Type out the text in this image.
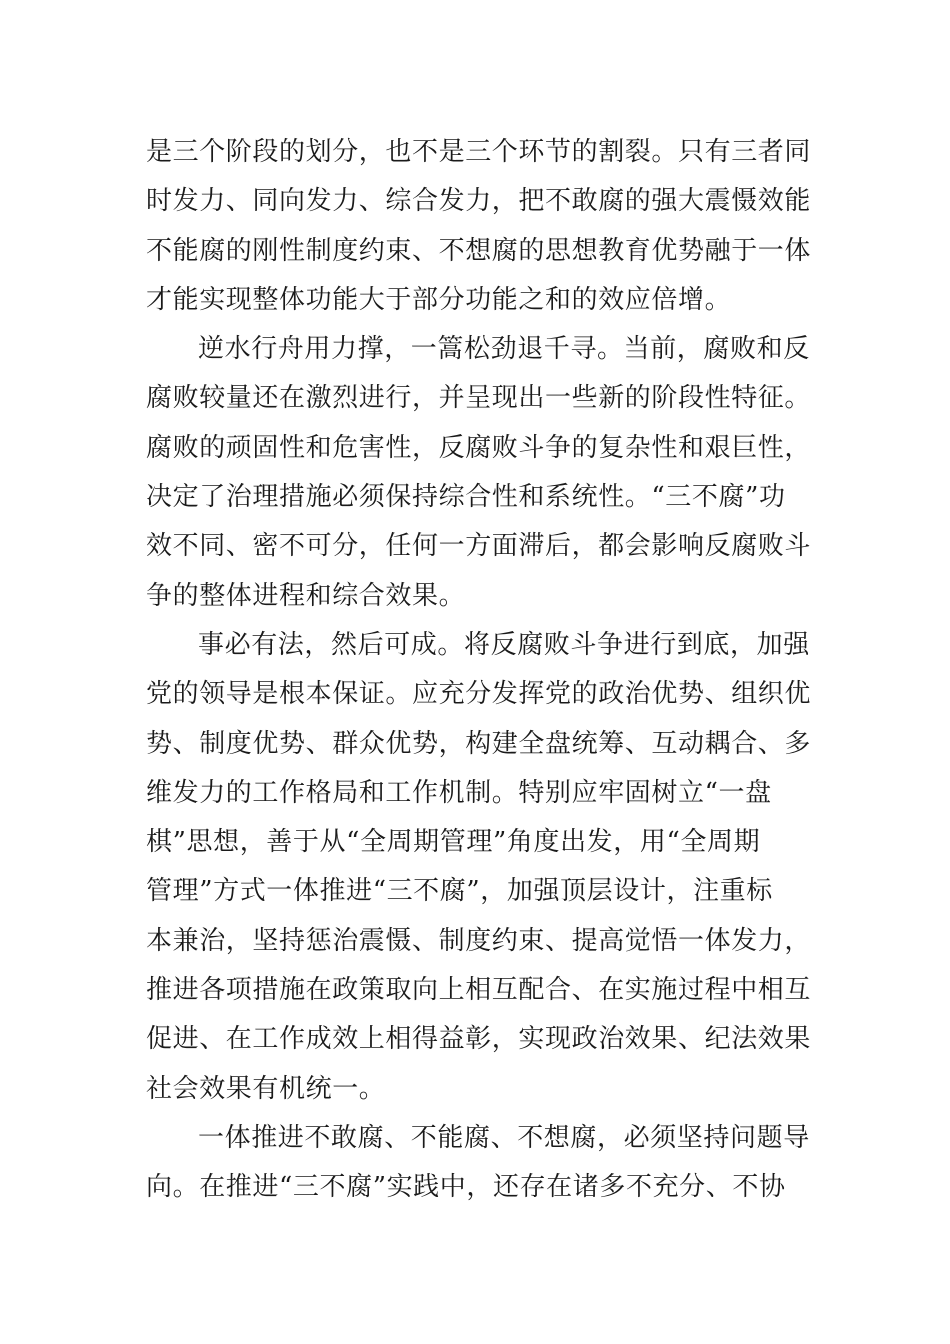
是三个阶段的划分，也不是三个环节的割裂。只有三者同
时发力、同向发力、综合发力，把不敢腐的强大震慑效能
不能腐的刚性制度约束、不想腐的思想教育优势融于一体
才能实现整体功能大于部分功能之和的效应倍增。
逆水行舟用力撑，一篙松劲退千寻。当前，腐败和反
腐败较量还在激烈进行，并呈现出一些新的阶段性特征。
腐败的顽固性和危害性，反腐败斗争的复杂性和艰巨性，
决定了治理措施必须保持综合性和系统性。“三不腐”功
效不同、密不可分，任何一方面滞后，都会影响反腐败斗
争的整体进程和综合效果。
事必有法，然后可成。将反腐败斗争进行到底，加强
党的领导是根本保证。应充分发挥党的政治优势、组织优
势、制度优势、群众优势，构建全盘统筹、互动耦合、多
维发力的工作格局和工作机制。特别应牢固树立“一盘
棋”思想，善于从“全周期管理”角度出发，用“全周期
管理”方式一体推进“三不腐”，加强顶层设计，注重标
本兼治，坚持惩治震慑、制度约束、提高觉悟一体发力，
推进各项措施在政策取向上相互配合、在实施过程中相互
促进、在工作成效上相得益彰，实现政治效果、纪法效果
社会效果有机统一。
一体推进不敢腐、不能腐、不想腐，必须坚持问题导
向。在推进“三不腐”实践中，还存在诸多不充分、不协
